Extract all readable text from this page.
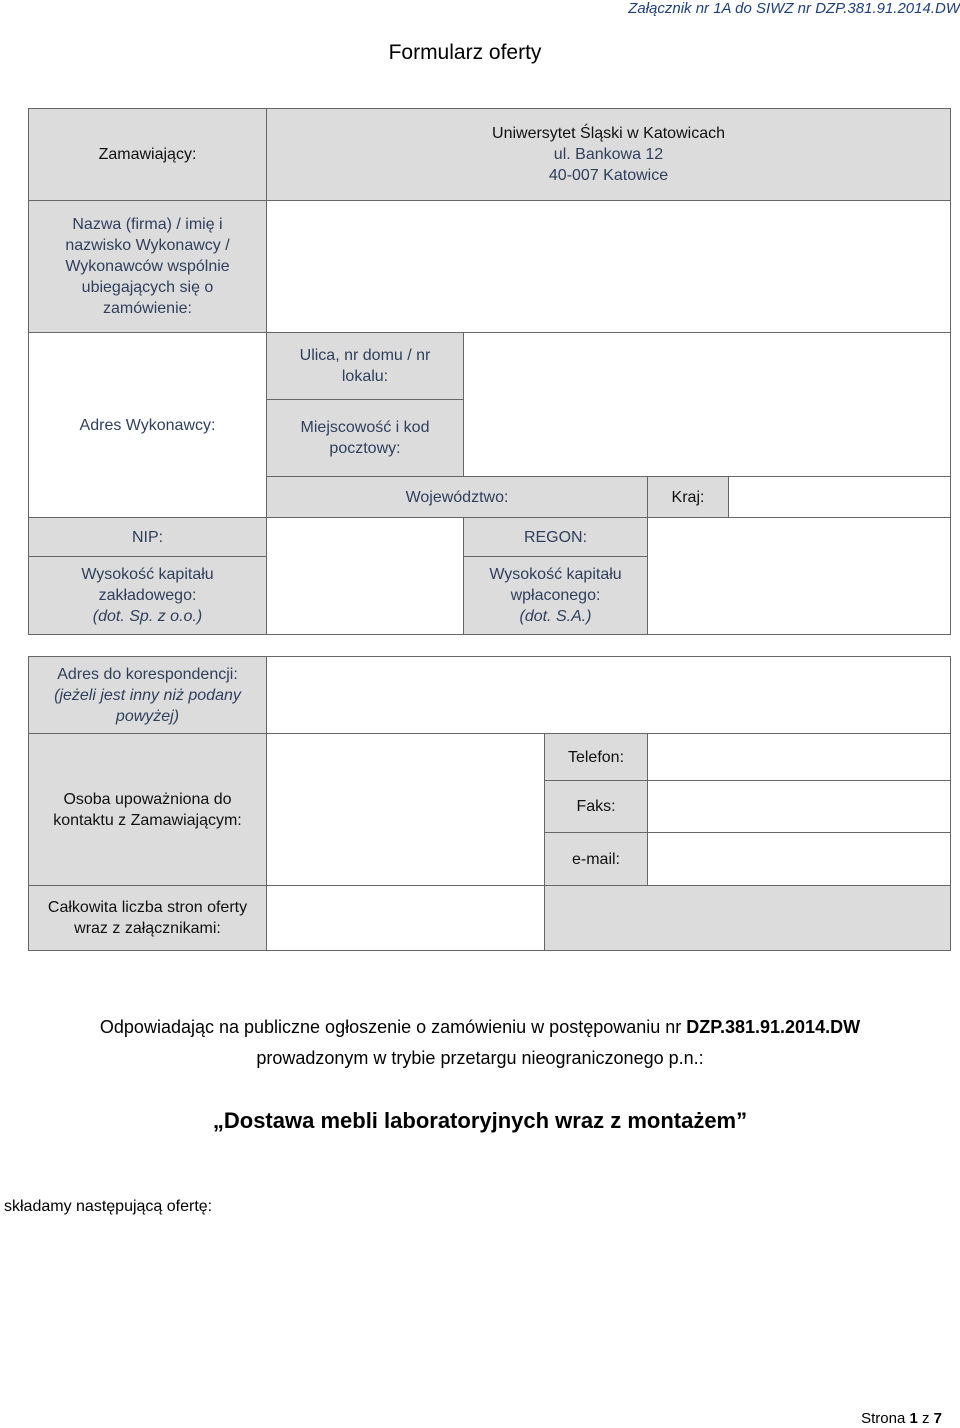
Załącznik nr 1A do SIWZ nr DZP.381.91.2014.DW
Formularz oferty
Zamawiający:
Uniwersytet Śląski w Katowicach
ul. Bankowa 12
40-007 Katowice
Nazwa (firma) / imię i nazwisko Wykonawcy / Wykonawców wspólnie ubiegających się o zamówienie:
Adres Wykonawcy:
Ulica, nr domu / nr lokalu:
Miejscowość i kod pocztowy:
Województwo:	Kraj:
NIP:	REGON:
Wysokość kapitału zakładowego:
(dot. Sp. z o.o.)
Wysokość kapitału wpłaconego:
(dot. S.A.)
Adres do korespondencji:
(jeżeli jest inny niż podany powyżej)
Osoba upoważniona do kontaktu z Zamawiającym:
Telefon:
Faks:
e-mail:
Całkowita liczba stron oferty wraz z załącznikami:
Odpowiadając na publiczne ogłoszenie o zamówieniu w postępowaniu nr DZP.381.91.2014.DW
prowadzonym w trybie przetargu nieograniczonego p.n.:
„Dostawa mebli laboratoryjnych wraz z montażem”
składamy następującą ofertę:
Strona 1 z 7
